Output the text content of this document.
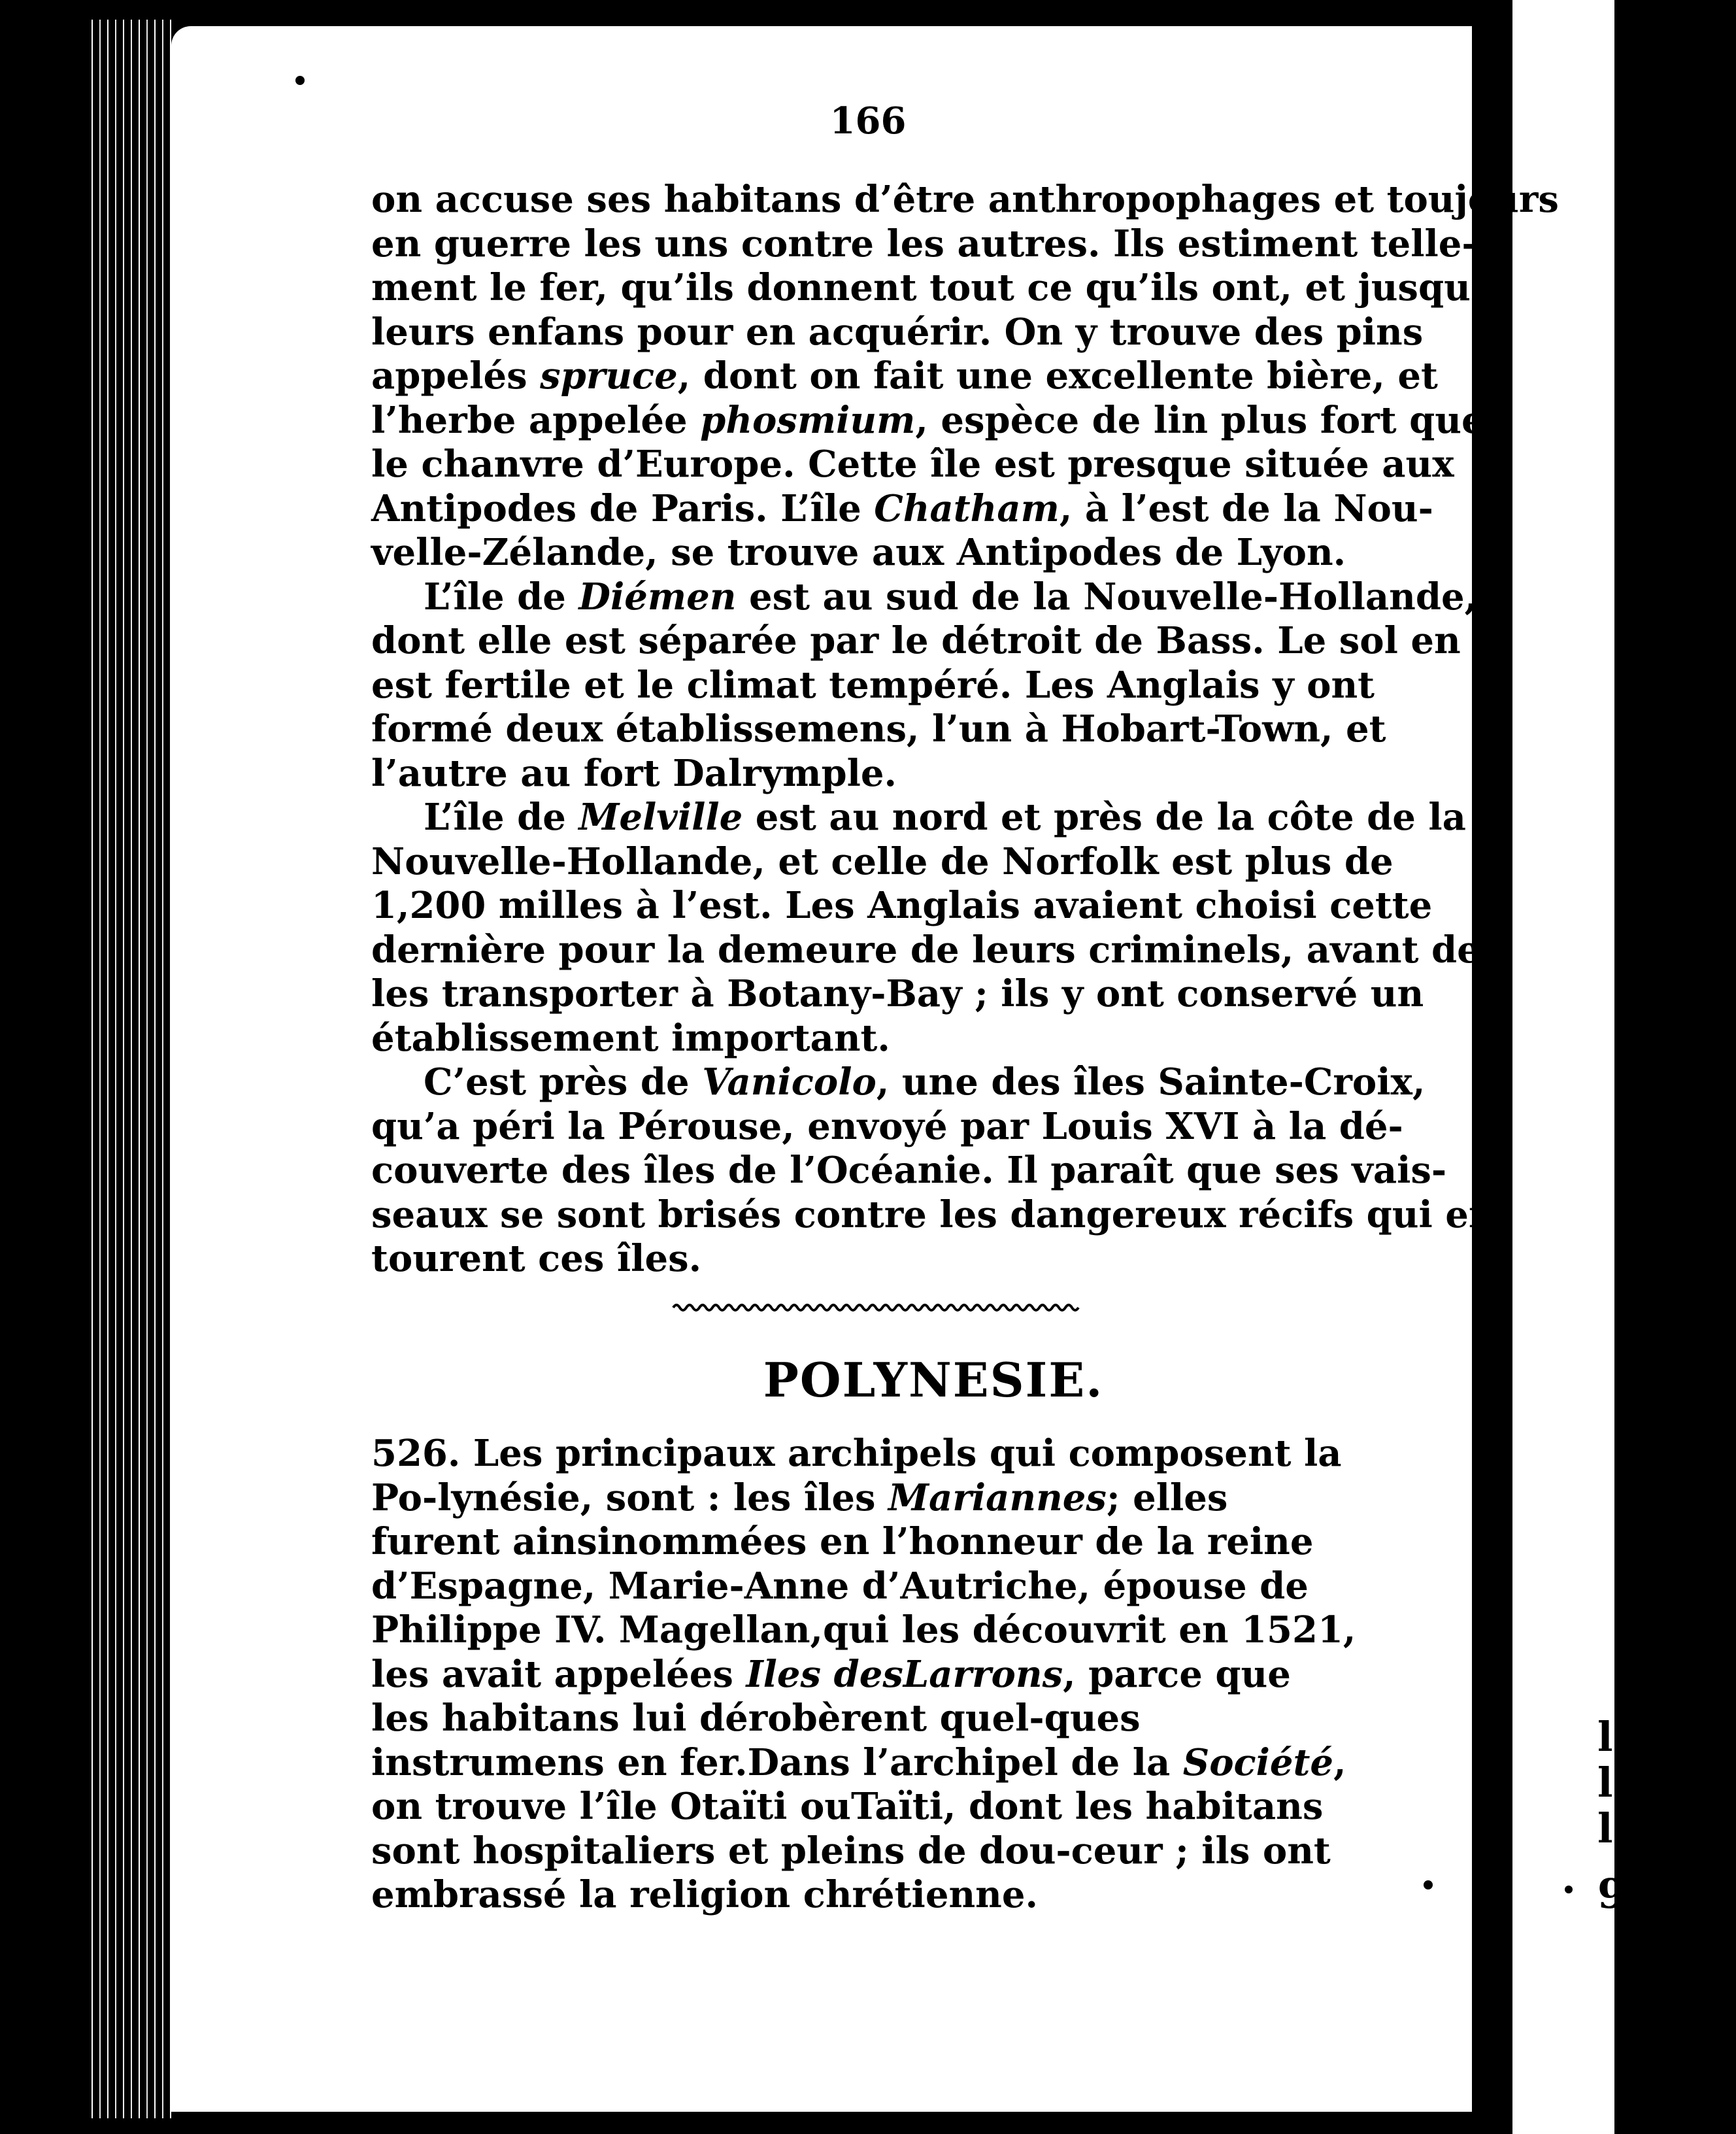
l
l
l
9
166
on accuse ses habitans d’être anthropophages et toujours
en guerre les uns contre les autres. Ils estiment telle-
ment le fer, qu’ils donnent tout ce qu’ils ont, et jusqu’à
leurs enfans pour en acquérir. On y trouve des pins
appelés spruce, dont on fait une excellente bière, et
l’herbe appelée phosmium, espèce de lin plus fort que
le chanvre d’Europe. Cette île est presque située aux
Antipodes de Paris. L’île Chatham, à l’est de la Nou-
velle-Zélande, se trouve aux Antipodes de Lyon.
L’île de Diémen est au sud de la Nouvelle-Hollande,
dont elle est séparée par le détroit de Bass. Le sol en
est fertile et le climat tempéré. Les Anglais y ont
formé deux établissemens, l’un à Hobart-Town, et
l’autre au fort Dalrymple.
L’île de Melville est au nord et près de la côte de la
Nouvelle-Hollande, et celle de Norfolk est plus de
1,200 milles à l’est. Les Anglais avaient choisi cette
dernière pour la demeure de leurs criminels, avant de
les transporter à Botany-Bay ; ils y ont conservé un
établissement important.
C’est près de Vanicolo, une des îles Sainte-Croix,
qu’a péri la Pérouse, envoyé par Louis XVI à la dé-
couverte des îles de l’Océanie. Il paraît que ses vais-
seaux se sont brisés contre les dangereux récifs qui en-
tourent ces îles.
POLYNESIE.
526. Les principaux archipels qui composent la Po-lynésie, sont : les îles Mariannes; elles furent ainsinommées en l’honneur de la reine d’Espagne, Marie-Anne d’Autriche, épouse de Philippe IV. Magellan,qui les découvrit en 1521, les avait appelées Iles desLarrons, parce que les habitans lui dérobèrent quel-ques instrumens en fer.Dans l’archipel de la Société, on trouve l’île Otaïti ouTaïti, dont les habitans sont hospitaliers et pleins de dou-ceur ; ils ont embrassé la religion chrétienne.
